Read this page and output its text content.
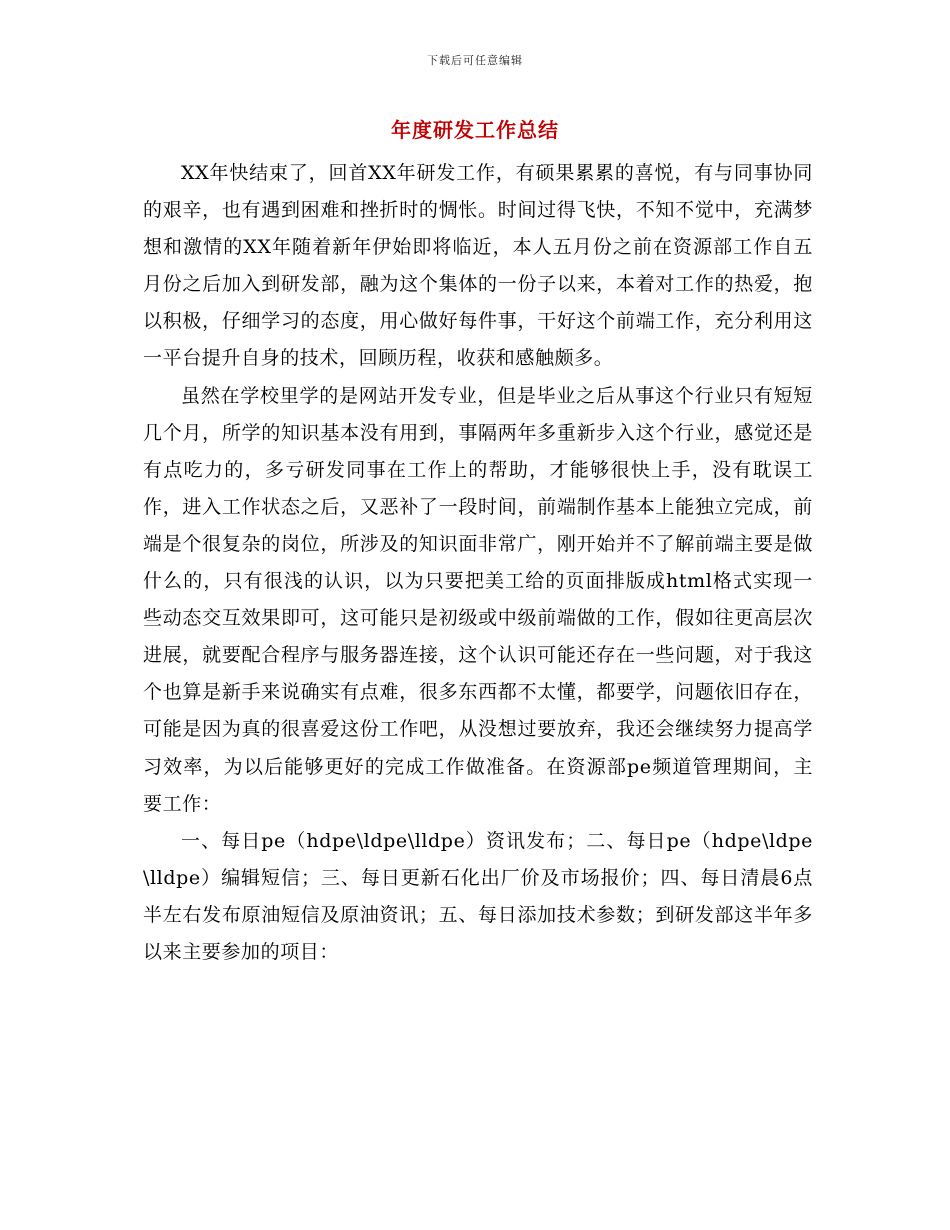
下载后可任意编辑
年度研发工作总结

XX年快结束了，回首XX年研发工作，有硕果累累的喜悦，有与同事协同的艰辛，也有遇到困难和挫折时的惆怅。时间过得飞快，不知不觉中，充满梦想和激情的XX年随着新年伊始即将临近，本人五月份之前在资源部工作自五月份之后加入到研发部，融为这个集体的一份子以来，本着对工作的热爱，抱以积极，仔细学习的态度，用心做好每件事，干好这个前端工作，充分利用这一平台提升自身的技术，回顾历程，收获和感触颇多。

虽然在学校里学的是网站开发专业，但是毕业之后从事这个行业只有短短几个月，所学的知识基本没有用到，事隔两年多重新步入这个行业，感觉还是有点吃力的，多亏研发同事在工作上的帮助，才能够很快上手，没有耽误工作，进入工作状态之后，又恶补了一段时间，前端制作基本上能独立完成，前端是个很复杂的岗位，所涉及的知识面非常广，刚开始并不了解前端主要是做什么的，只有很浅的认识，以为只要把美工给的页面排版成html格式实现一些动态交互效果即可，这可能只是初级或中级前端做的工作，假如往更高层次进展，就要配合程序与服务器连接，这个认识可能还存在一些问题，对于我这个也算是新手来说确实有点难，很多东西都不太懂，都要学，问题依旧存在，可能是因为真的很喜爱这份工作吧，从没想过要放弃，我还会继续努力提高学习效率，为以后能够更好的完成工作做准备。在资源部pe频道管理期间，主要工作：

一、每日pe（hdpe\ldpe\lldpe）资讯发布；二、每日pe（hdpe\ldpe\lldpe）编辑短信；三、每日更新石化出厂价及市场报价；四、每日清晨6点半左右发布原油短信及原油资讯；五、每日添加技术参数；到研发部这半年多以来主要参加的项目：
